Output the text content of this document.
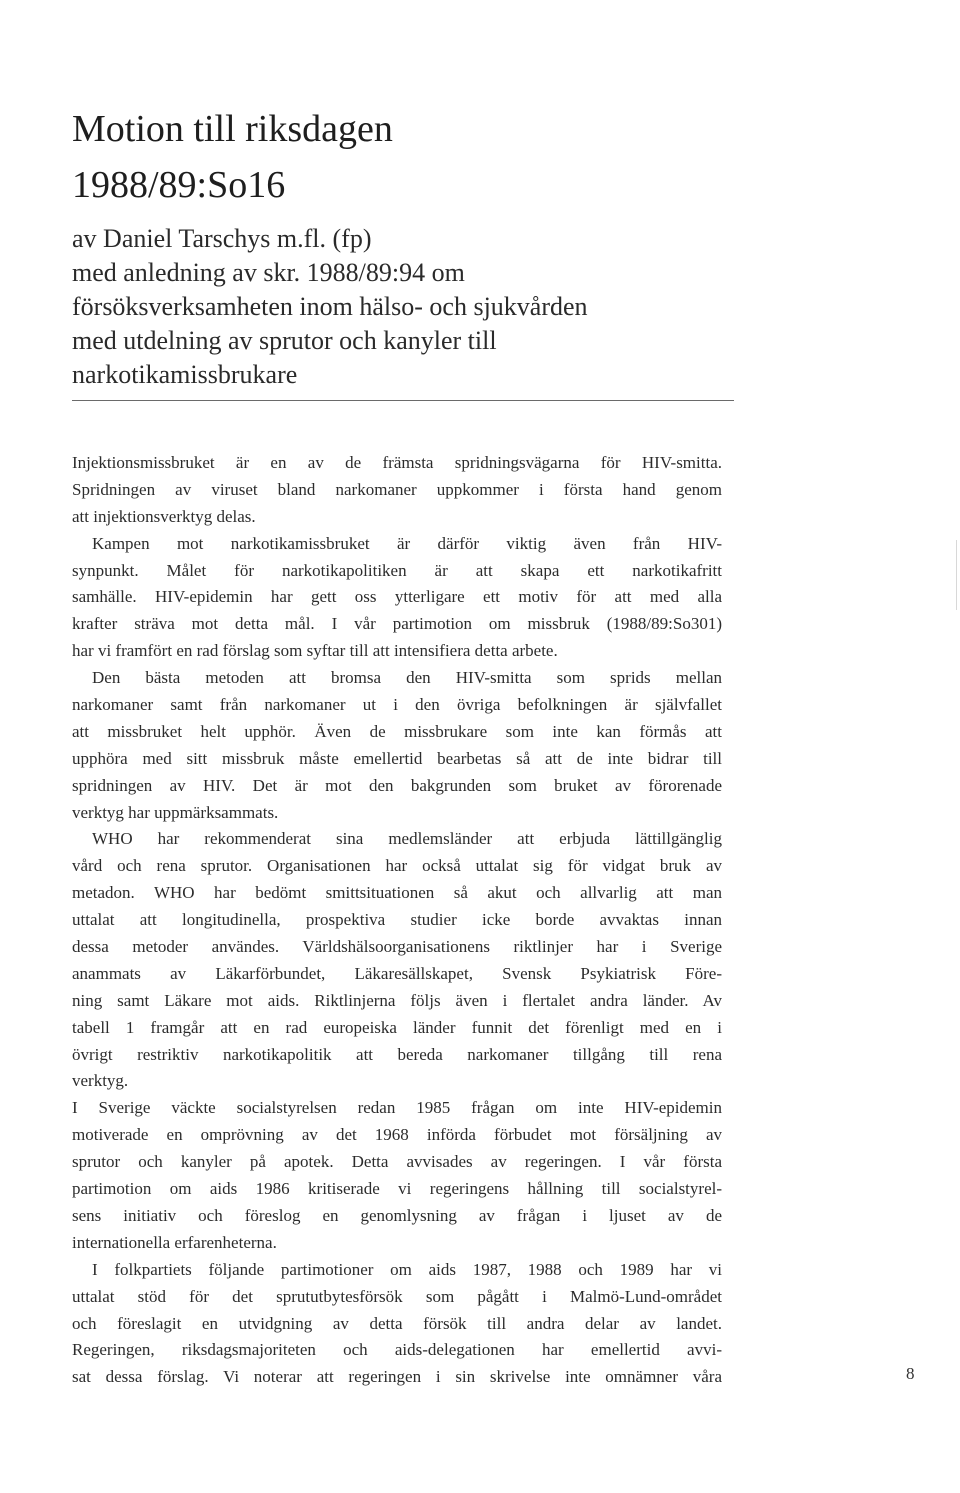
Motion till riksdagen
1988/89:So16
av Daniel Tarschys m.fl. (fp)
med anledning av skr. 1988/89:94 om
försöksverksamheten inom hälso- och sjukvården
med utdelning av sprutor och kanyler till
narkotikamissbrukare
Injektionsmissbruket är en av de främsta spridningsvägarna för HIV-smitta.
Spridningen av viruset bland narkomaner uppkommer i första hand genom
att injektionsverktyg delas.
Kampen mot narkotikamissbruket är därför viktig även från HIV-
synpunkt. Målet för narkotikapolitiken är att skapa ett narkotikafritt
samhälle. HIV-epidemin har gett oss ytterligare ett motiv för att med alla
krafter sträva mot detta mål. I vår partimotion om missbruk (1988/89:So301)
har vi framfört en rad förslag som syftar till att intensifiera detta arbete.
Den bästa metoden att bromsa den HIV-smitta som sprids mellan
narkomaner samt från narkomaner ut i den övriga befolkningen är självfallet
att missbruket helt upphör. Även de missbrukare som inte kan förmås att
upphöra med sitt missbruk måste emellertid bearbetas så att de inte bidrar till
spridningen av HIV. Det är mot den bakgrunden som bruket av förorenade
verktyg har uppmärksammats.
WHO har rekommenderat sina medlemsländer att erbjuda lättillgänglig
vård och rena sprutor. Organisationen har också uttalat sig för vidgat bruk av
metadon. WHO har bedömt smittsituationen så akut och allvarlig att man
uttalat att longitudinella, prospektiva studier icke borde avvaktas innan
dessa metoder användes. Världshälsoorganisationens riktlinjer har i Sverige
anammats av Läkarförbundet, Läkaresällskapet, Svensk Psykiatrisk Före-
ning samt Läkare mot aids. Riktlinjerna följs även i flertalet andra länder. Av
tabell 1 framgår att en rad europeiska länder funnit det förenligt med en i
övrigt restriktiv narkotikapolitik att bereda narkomaner tillgång till rena
verktyg.
I Sverige väckte socialstyrelsen redan 1985 frågan om inte HIV-epidemin
motiverade en omprövning av det 1968 införda förbudet mot försäljning av
sprutor och kanyler på apotek. Detta avvisades av regeringen. I vår första
partimotion om aids 1986 kritiserade vi regeringens hållning till socialstyrel-
sens initiativ och föreslog en genomlysning av frågan i ljuset av de
internationella erfarenheterna.
I folkpartiets följande partimotioner om aids 1987, 1988 och 1989 har vi
uttalat stöd för det sprututbytesförsök som pågått i Malmö-Lund-området
och föreslagit en utvidgning av detta försök till andra delar av landet.
Regeringen, riksdagsmajoriteten och aids-delegationen har emellertid avvi-
sat dessa förslag. Vi noterar att regeringen i sin skrivelse inte omnämner våra	8
